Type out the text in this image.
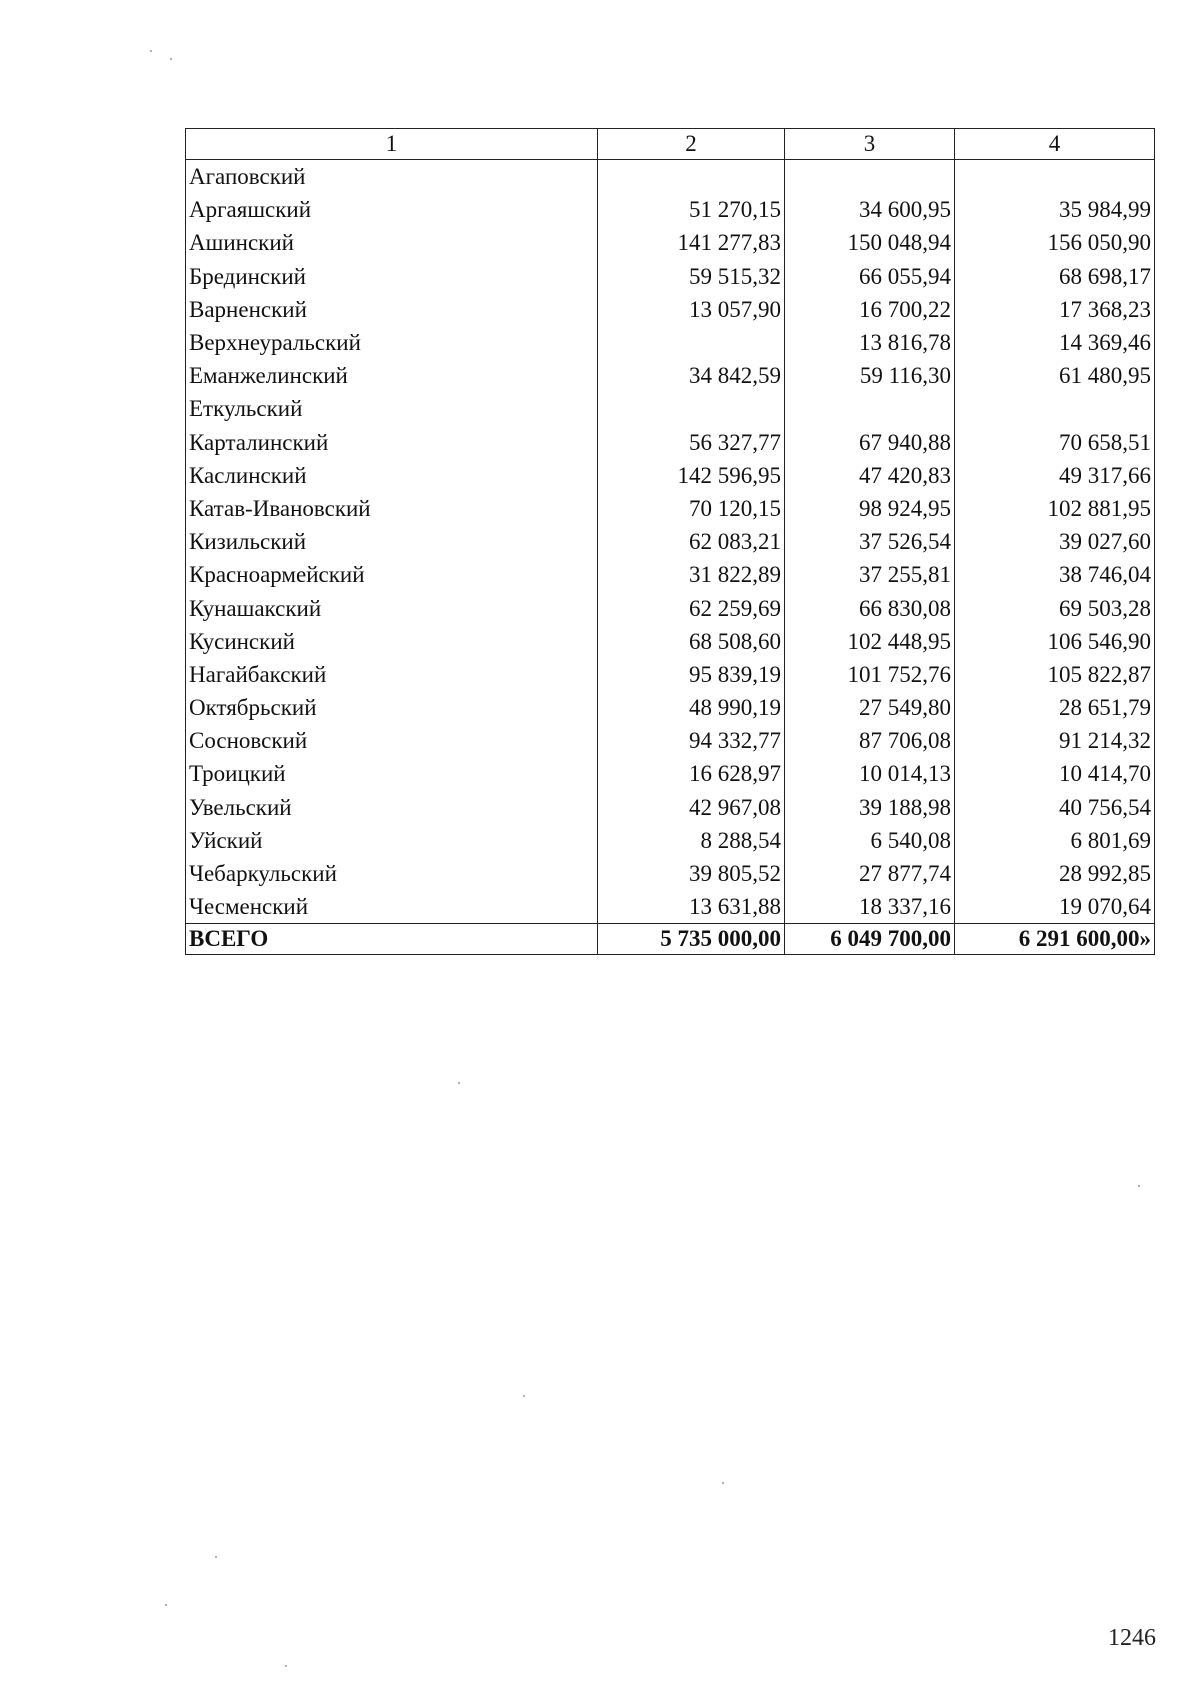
1	2	3	4
Агаповский			
Аргаяшский	51 270,15	34 600,95	35 984,99
Ашинский	141 277,83	150 048,94	156 050,90
Брединский	59 515,32	66 055,94	68 698,17
Варненский	13 057,90	16 700,22	17 368,23
Верхнеуральский		13 816,78	14 369,46
Еманжелинский	34 842,59	59 116,30	61 480,95
Еткульский			
Карталинский	56 327,77	67 940,88	70 658,51
Каслинский	142 596,95	47 420,83	49 317,66
Катав-Ивановский	70 120,15	98 924,95	102 881,95
Кизильский	62 083,21	37 526,54	39 027,60
Красноармейский	31 822,89	37 255,81	38 746,04
Кунашакский	62 259,69	66 830,08	69 503,28
Кусинский	68 508,60	102 448,95	106 546,90
Нагайбакский	95 839,19	101 752,76	105 822,87
Октябрьский	48 990,19	27 549,80	28 651,79
Сосновский	94 332,77	87 706,08	91 214,32
Троицкий	16 628,97	10 014,13	10 414,70
Увельский	42 967,08	39 188,98	40 756,54
Уйский	8 288,54	6 540,08	6 801,69
Чебаркульский	39 805,52	27 877,74	28 992,85
Чесменский	13 631,88	18 337,16	19 070,64
ВСЕГО	5 735 000,00	6 049 700,00	6 291 600,00»
1246
